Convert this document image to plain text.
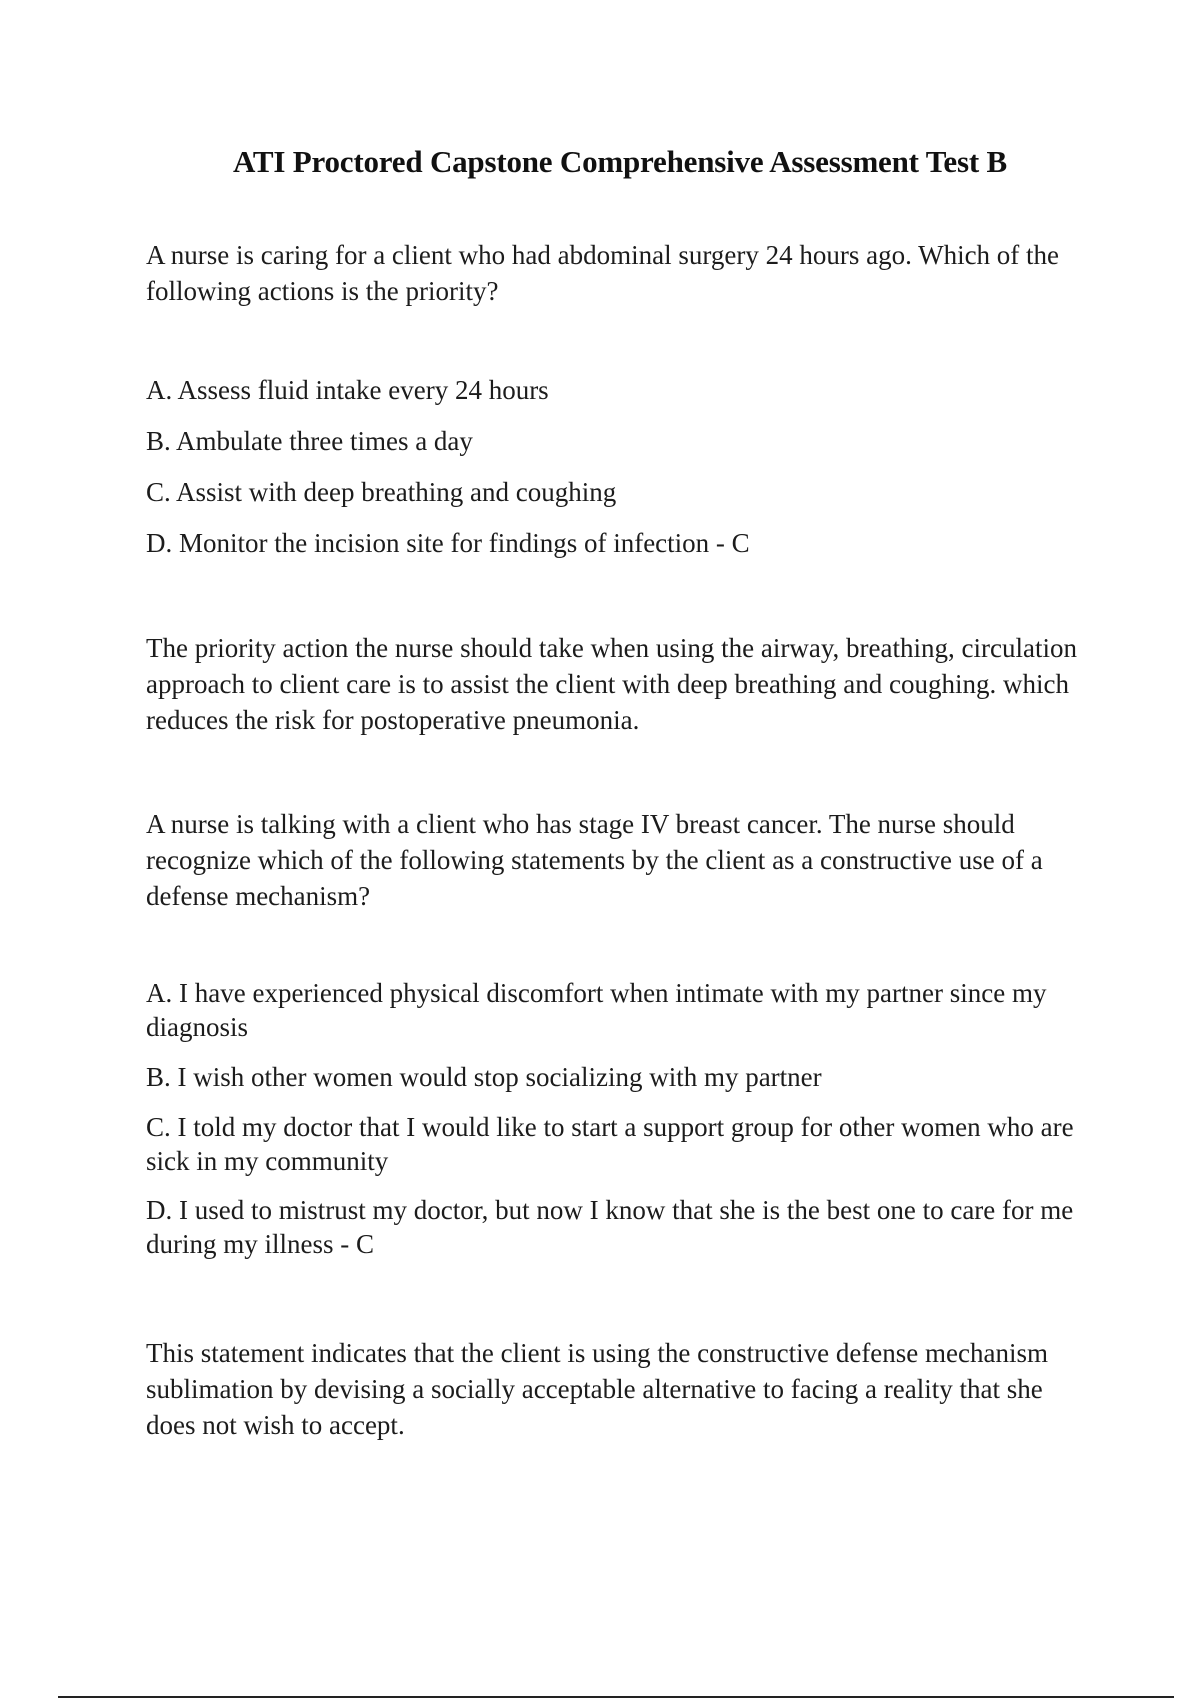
ATI Proctored Capstone Comprehensive Assessment Test B
A nurse is caring for a client who had abdominal surgery 24 hours ago. Which of the following actions is the priority?
A. Assess fluid intake every 24 hours
B. Ambulate three times a day
C. Assist with deep breathing and coughing
D. Monitor the incision site for findings of infection - C
The priority action the nurse should take when using the airway, breathing, circulation approach to client care is to assist the client with deep breathing and coughing. which reduces the risk for postoperative pneumonia.
A nurse is talking with a client who has stage IV breast cancer. The nurse should recognize which of the following statements by the client as a constructive use of a defense mechanism?
A. I have experienced physical discomfort when intimate with my partner since my diagnosis
B. I wish other women would stop socializing with my partner
C. I told my doctor that I would like to start a support group for other women who are sick in my community
D. I used to mistrust my doctor, but now I know that she is the best one to care for me during my illness - C
This statement indicates that the client is using the constructive defense mechanism sublimation by devising a socially acceptable alternative to facing a reality that she does not wish to accept.
